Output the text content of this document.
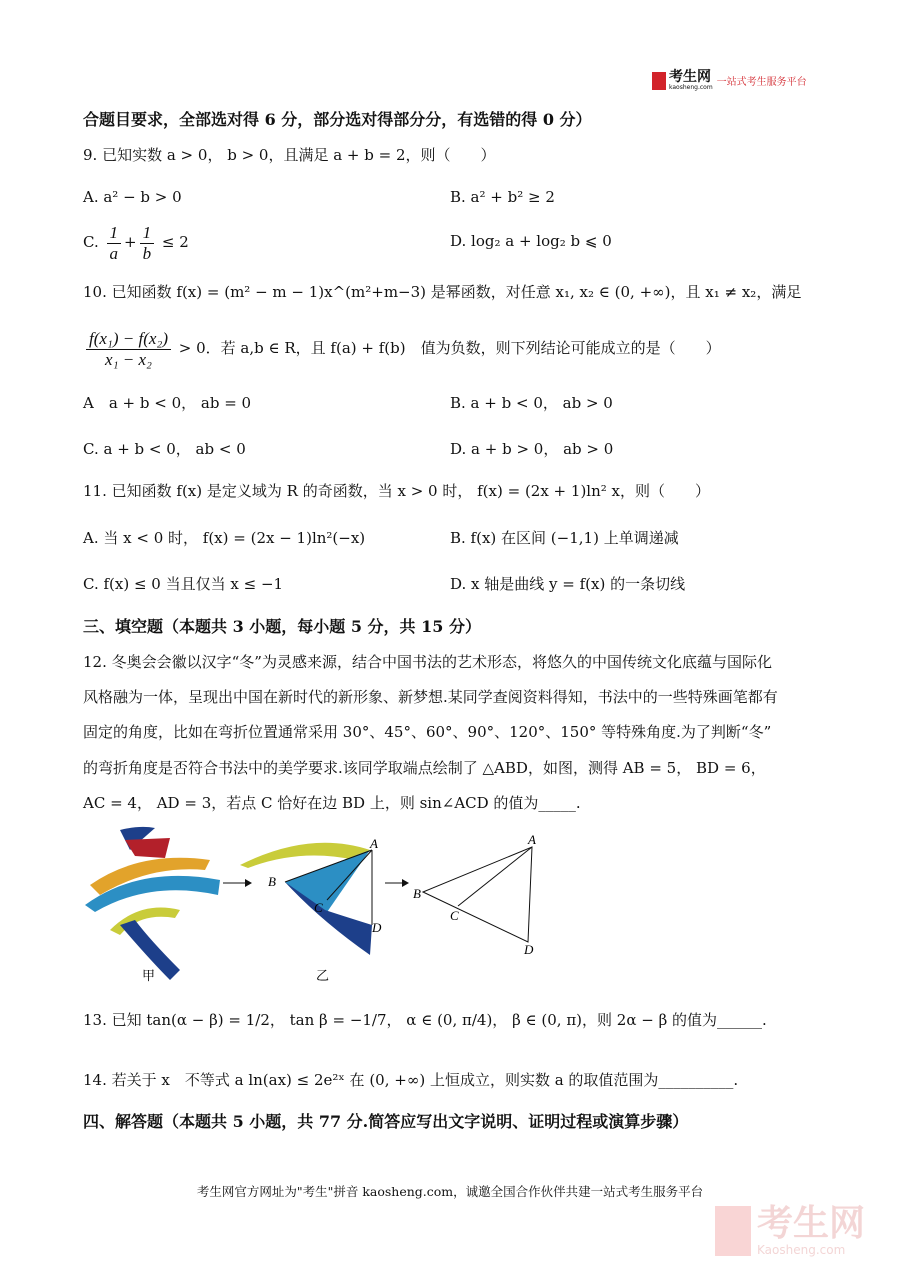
考生网
kaosheng.com 一站式考生服务平台
合题目要求，全部选对得 6 分，部分选对得部分分，有选错的得 0 分）
9. 已知实数 a > 0， b > 0，且满足 a + b = 2，则（　　）
A. a² − b > 0	B. a² + b² ≥ 2
C. $\frac{1}{a} + \frac{1}{b} \le 2$	D. log₂ a + log₂ b ⩽ 0
10. 已知函数 f(x) = (m² − m − 1)x^(m²+m−3) 是幂函数，对任意 x₁, x₂ ∈ (0, +∞)，且 x₁ ≠ x₂，满足
$\frac{\text{f(x₁) − f(x₂)}}{\text{x₁ − x₂}} > 0$．若 a,b ∈ R，且 f(a) + f(b)　值为负数，则下列结论可能成立的是（　　）
A　a + b < 0， ab = 0	B. a + b < 0， ab > 0
C. a + b < 0， ab < 0	D. a + b > 0， ab > 0
11. 已知函数 f(x) 是定义域为 R 的奇函数，当 x > 0 时， f(x) = (2x + 1)ln² x，则（　　）
A. 当 x < 0 时， f(x) = (2x − 1)ln²(−x)	B. f(x) 在区间 (−1,1) 上单调递减
C. f(x) ≤ 0 当且仅当 x ≤ −1	D. x 轴是曲线 y = f(x) 的一条切线
三、填空题（本题共 3 小题，每小题 5 分，共 15 分）
12. 冬奥会会徽以汉字“冬”为灵感来源，结合中国书法的艺术形态，将悠久的中国传统文化底蕴与国际化
风格融为一体，呈现出中国在新时代的新形象、新梦想.某同学查阅资料得知，书法中的一些特殊画笔都有
固定的角度，比如在弯折位置通常采用 30°、45°、60°、90°、120°、150° 等特殊角度.为了判断“冬”
的弯折角度是否符合书法中的美学要求.该同学取端点绘制了 △ABD，如图，测得 AB = 5， BD = 6，
AC = 4， AD = 3，若点 C 恰好在边 BD 上，则 sin∠ACD 的值为_____.
甲
A
B
C
D
乙
A
B
C
D
13. 已知 tan(α − β) = 1/2， tan β = −1/7， α ∈ (0, π/4)， β ∈ (0, π)，则 2α − β 的值为______.
14. 若关于 x　不等式 a ln(ax) ≤ 2e²ˣ 在 (0, +∞) 上恒成立，则实数 a 的取值范围为__________.
四、解答题（本题共 5 小题，共 77 分.简答应写出文字说明、证明过程或演算步骤）
考生网官方网址为"考生"拼音 kaosheng.com，诚邀全国合作伙伴共建一站式考生服务平台
考生网
Kaosheng.com
